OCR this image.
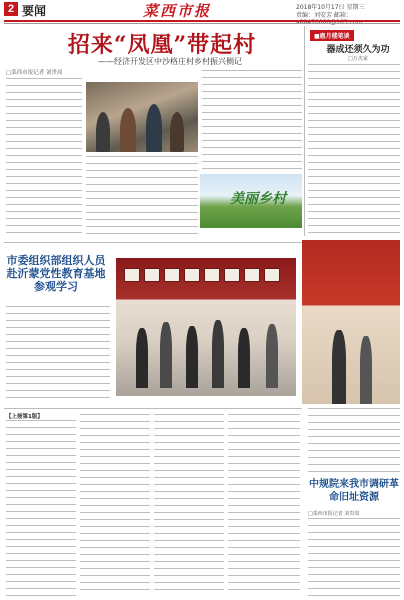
2 要闻	菜西市报	2018年10月17日 星期三
责编：刘安芳 邮箱：
招来“凤凰”带起村
——经济开发区中沙格庄村乡村振兴侧记
□菜西市报记者 刘贵周
美丽乡村
■扈月楼笔谈
器成还须久为功
□万杰家
市委组织部组织人员赴沂蒙党性教育基地参观学习
【上接第1版】
中规院来我市调研革命旧址资源
□菜西市报记者 刘贵周
